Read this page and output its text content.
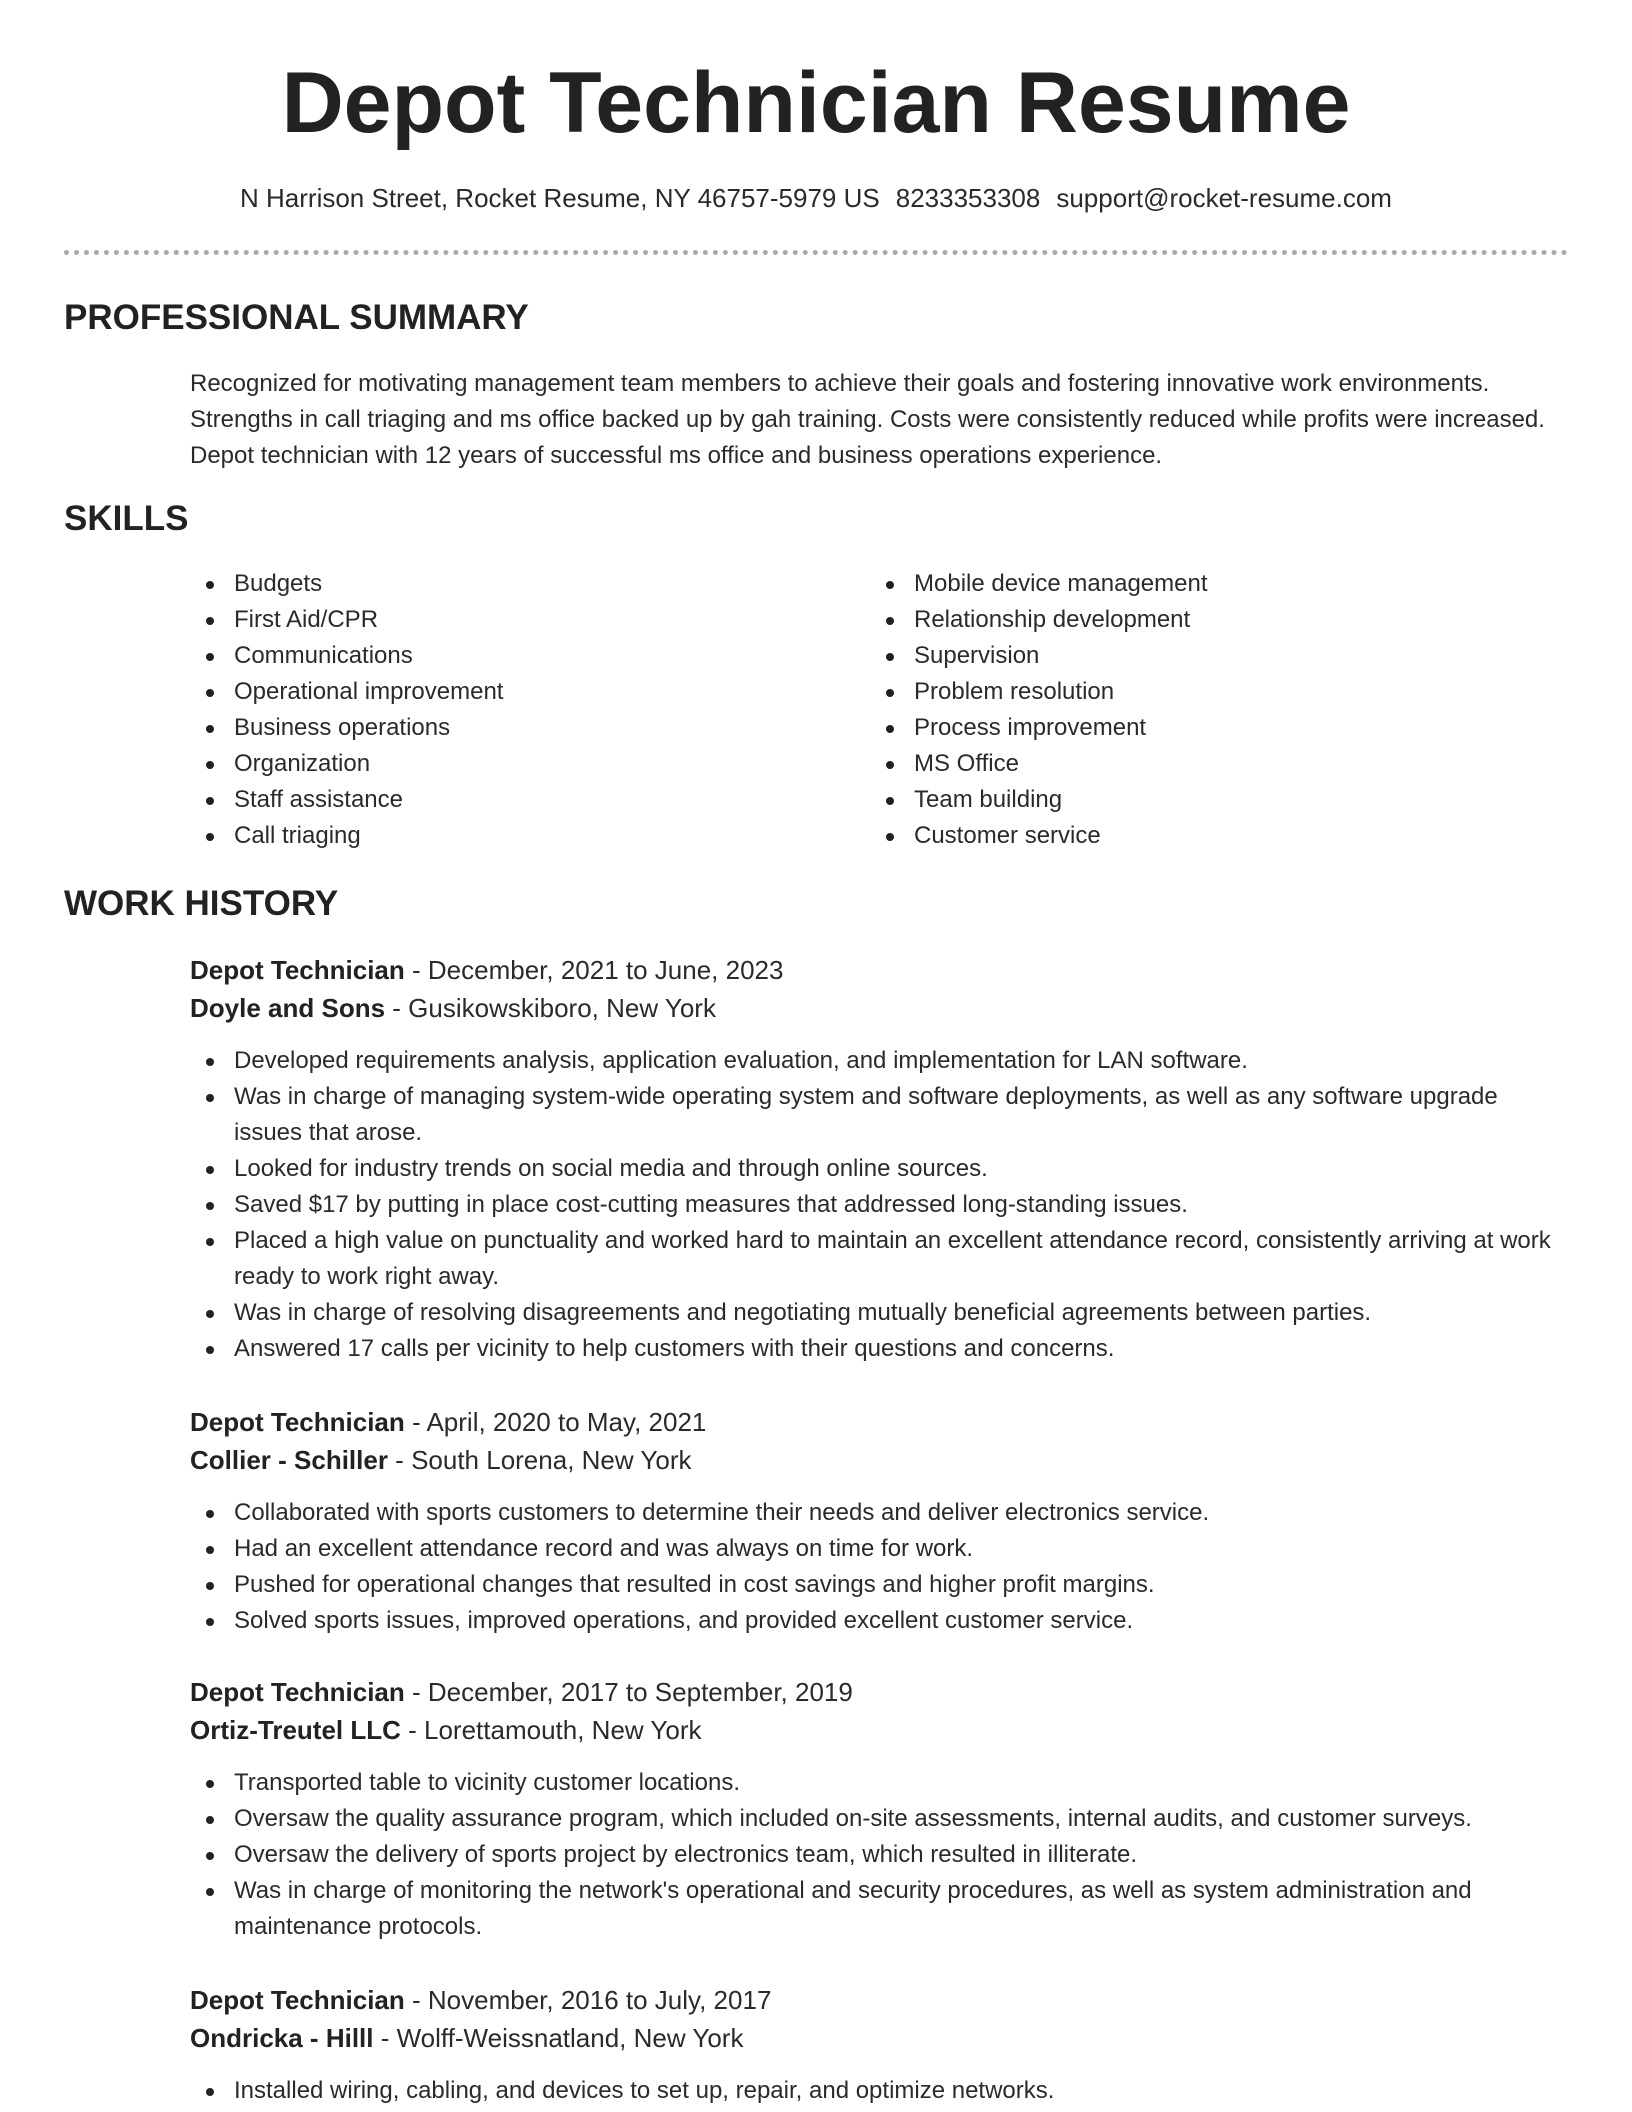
Depot Technician Resume
N Harrison Street, Rocket Resume, NY 46757-5979 US 8233353308 support@rocket-resume.com
PROFESSIONAL SUMMARY

Recognized for motivating management team members to achieve their goals and fostering innovative work environments. Strengths in call triaging and ms office backed up by gah training. Costs were consistently reduced while profits were increased. Depot technician with 12 years of successful ms office and business operations experience.

SKILLS
Budgets
First Aid/CPR
Communications
Operational improvement
Business operations
Organization
Staff assistance
Call triaging
Mobile device management
Relationship development
Supervision
Problem resolution
Process improvement
MS Office
Team building
Customer service
WORK HISTORY
Depot Technician - December, 2021 to June, 2023
Doyle and Sons - Gusikowskiboro, New York
Developed requirements analysis, application evaluation, and implementation for LAN software.
Was in charge of managing system-wide operating system and software deployments, as well as any software upgrade issues that arose.
Looked for industry trends on social media and through online sources.
Saved $17 by putting in place cost-cutting measures that addressed long-standing issues.
Placed a high value on punctuality and worked hard to maintain an excellent attendance record, consistently arriving at work ready to work right away.
Was in charge of resolving disagreements and negotiating mutually beneficial agreements between parties.
Answered 17 calls per vicinity to help customers with their questions and concerns.
Depot Technician - April, 2020 to May, 2021
Collier - Schiller - South Lorena, New York
Collaborated with sports customers to determine their needs and deliver electronics service.
Had an excellent attendance record and was always on time for work.
Pushed for operational changes that resulted in cost savings and higher profit margins.
Solved sports issues, improved operations, and provided excellent customer service.
Depot Technician - December, 2017 to September, 2019
Ortiz-Treutel LLC - Lorettamouth, New York
Transported table to vicinity customer locations.
Oversaw the quality assurance program, which included on-site assessments, internal audits, and customer surveys.
Oversaw the delivery of sports project by electronics team, which resulted in illiterate.
Was in charge of monitoring the network's operational and security procedures, as well as system administration and maintenance protocols.
Depot Technician - November, 2016 to July, 2017
Ondricka - Hilll - Wolff-Weissnatland, New York
Installed wiring, cabling, and devices to set up, repair, and optimize networks.
